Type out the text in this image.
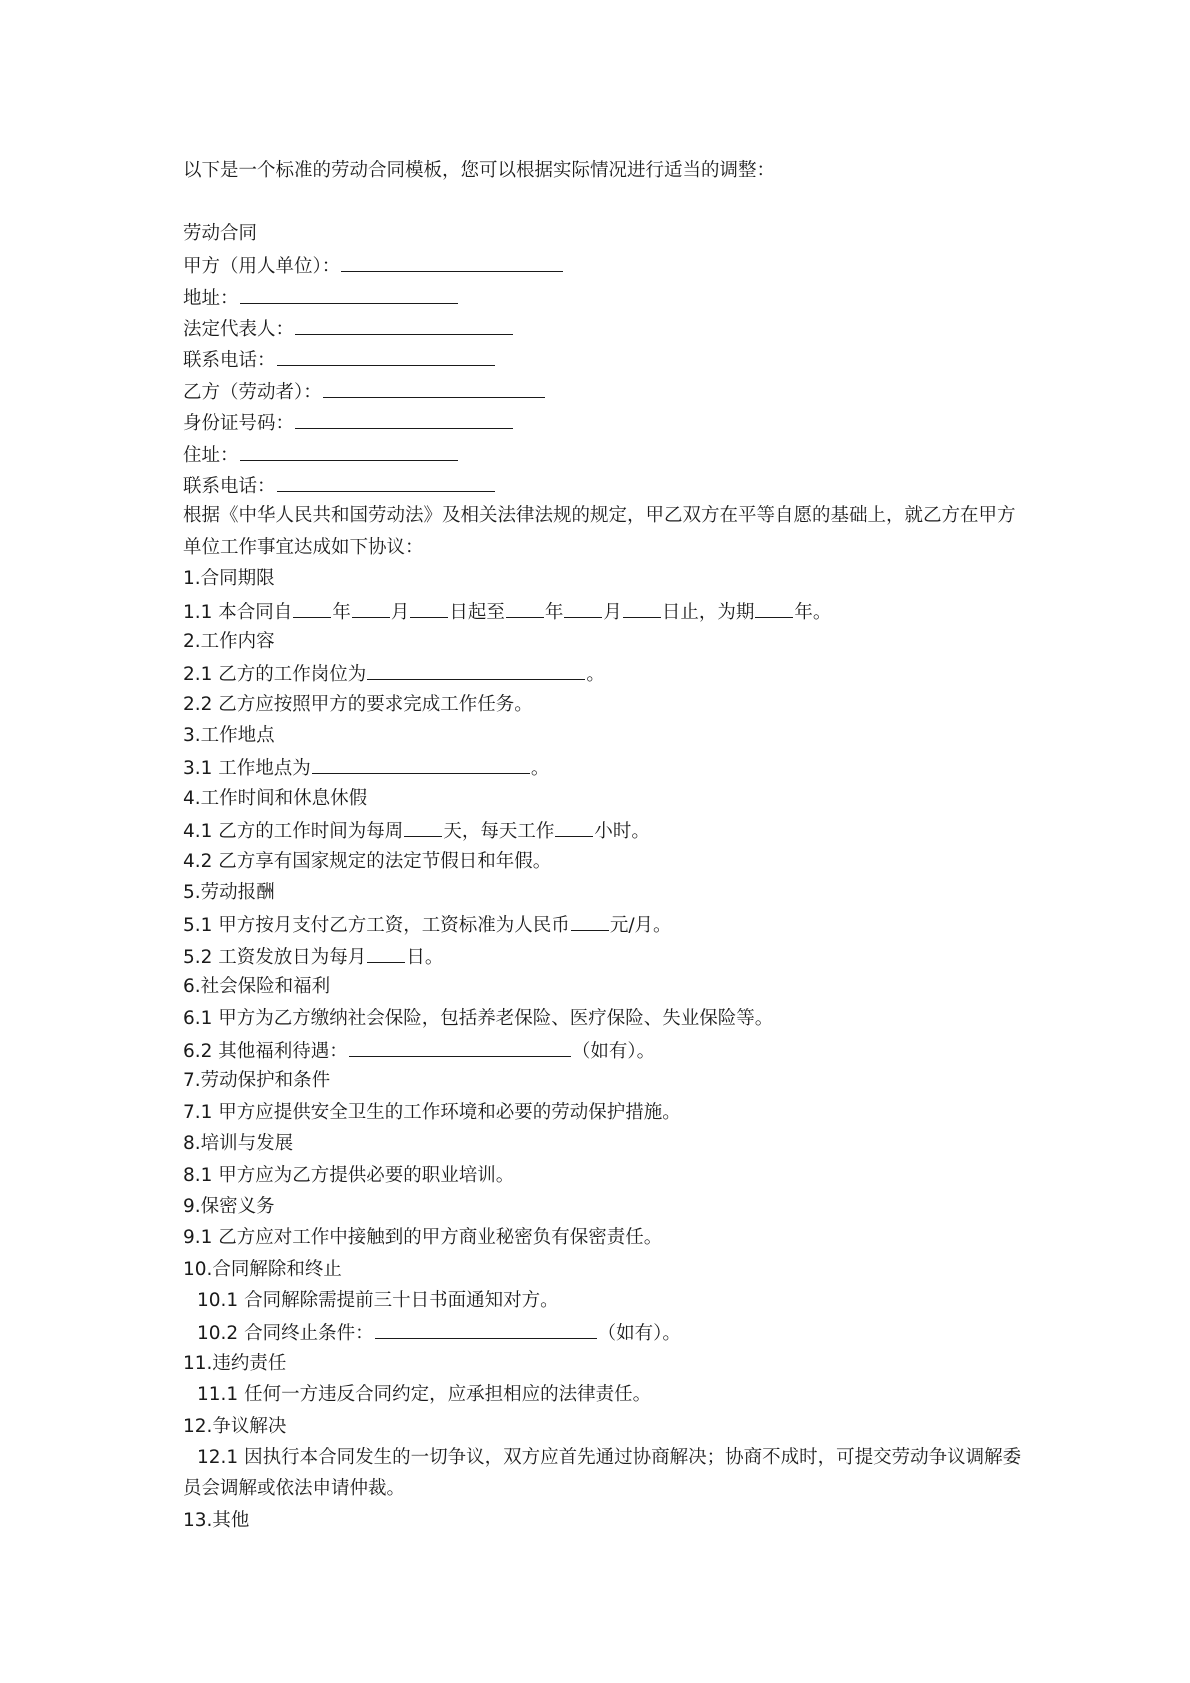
以下是一个标准的劳动合同模板，您可以根据实际情况进行适当的调整：
劳动合同
甲方（用人单位）：
地址：
法定代表人：
联系电话：
乙方（劳动者）：
身份证号码：
住址：
联系电话：
根据《中华人民共和国劳动法》及相关法律法规的规定，甲乙双方在平等自愿的基础上，就乙方在甲方单位工作事宜达成如下协议：
1.合同期限
1.1 本合同自 年 月 日起至 年 月 日止，为期 年。
2.工作内容
2.1 乙方的工作岗位为	。
2.2 乙方应按照甲方的要求完成工作任务。
3.工作地点
3.1 工作地点为	。
4.工作时间和休息休假
4.1 乙方的工作时间为每周 天，每天工作 小时。
4.2 乙方享有国家规定的法定节假日和年假。
5.劳动报酬
5.1 甲方按月支付乙方工资，工资标准为人民币 元/月。
5.2 工资发放日为每月 日。
6.社会保险和福利
6.1 甲方为乙方缴纳社会保险，包括养老保险、医疗保险、失业保险等。
6.2 其他福利待遇：	（如有）。
7.劳动保护和条件
7.1 甲方应提供安全卫生的工作环境和必要的劳动保护措施。
8.培训与发展
8.1 甲方应为乙方提供必要的职业培训。
9.保密义务
9.1 乙方应对工作中接触到的甲方商业秘密负有保密责任。
10.合同解除和终止
10.1 合同解除需提前三十日书面通知对方。
10.2 合同终止条件：	（如有）。
11.违约责任
11.1 任何一方违反合同约定，应承担相应的法律责任。
12.争议解决
12.1 因执行本合同发生的一切争议，双方应首先通过协商解决；协商不成时，可提交劳动争议调解委员会调解或依法申请仲裁。
13.其他
